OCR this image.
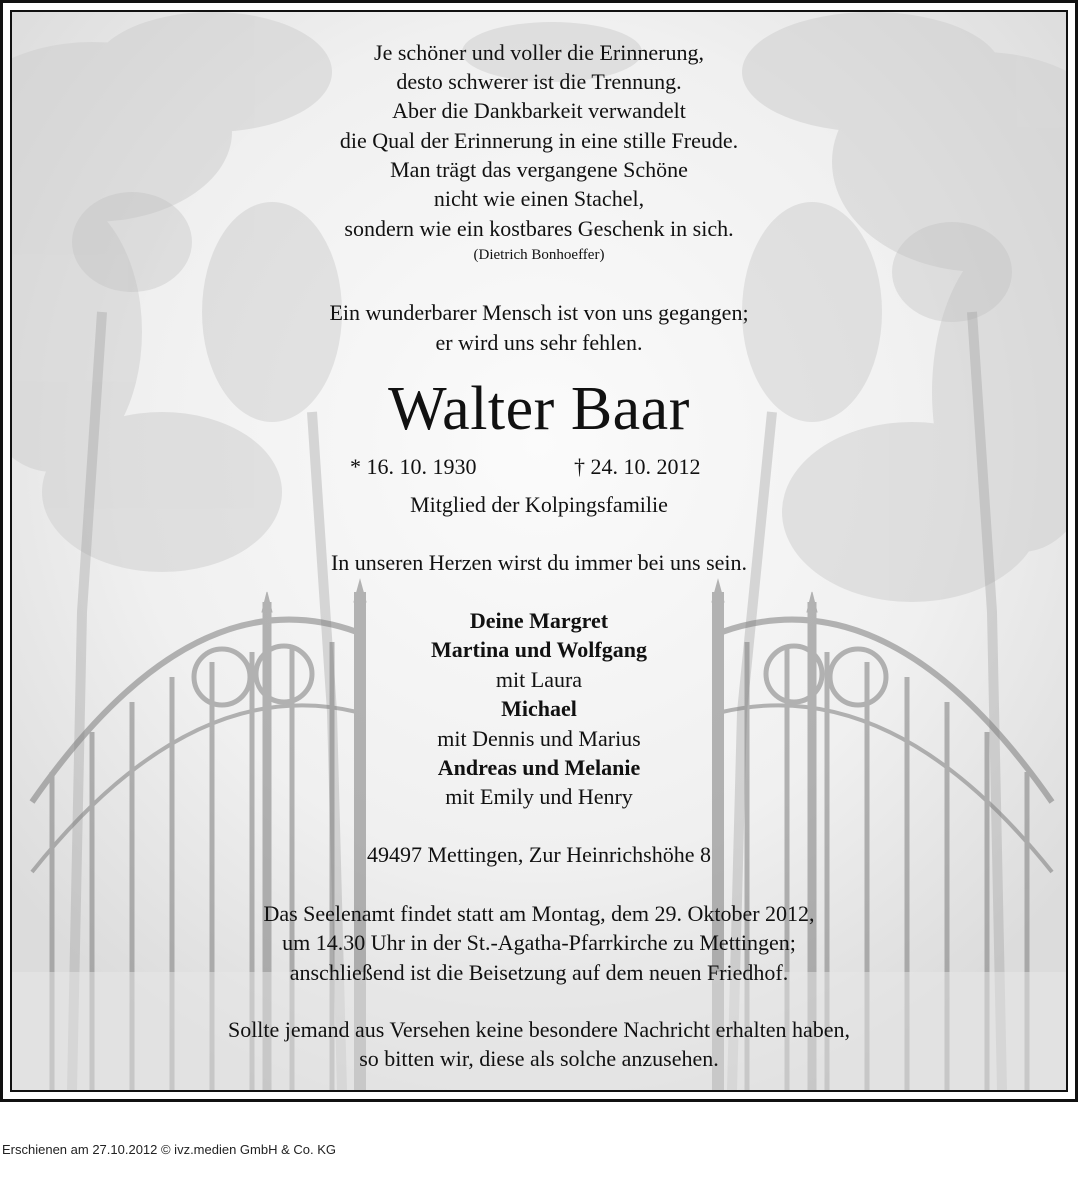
Je schöner und voller die Erinnerung,
desto schwerer ist die Trennung.
Aber die Dankbarkeit verwandelt
die Qual der Erinnerung in eine stille Freude.
Man trägt das vergangene Schöne
nicht wie einen Stachel,
sondern wie ein kostbares Geschenk in sich.
(Dietrich Bonhoeffer)
Ein wunderbarer Mensch ist von uns gegangen;
er wird uns sehr fehlen.
Walter Baar
* 16. 10. 1930	† 24. 10. 2012
Mitglied der Kolpingsfamilie
In unseren Herzen wirst du immer bei uns sein.
Deine Margret
Martina und Wolfgang
mit Laura
Michael
mit Dennis und Marius
Andreas und Melanie
mit Emily und Henry
49497 Mettingen, Zur Heinrichshöhe 8
Das Seelenamt findet statt am Montag, dem 29. Oktober 2012,
um 14.30 Uhr in der St.-Agatha-Pfarrkirche zu Mettingen;
anschließend ist die Beisetzung auf dem neuen Friedhof.
Sollte jemand aus Versehen keine besondere Nachricht erhalten haben,
so bitten wir, diese als solche anzusehen.
Erschienen am 27.10.2012 © ivz.medien GmbH & Co. KG
